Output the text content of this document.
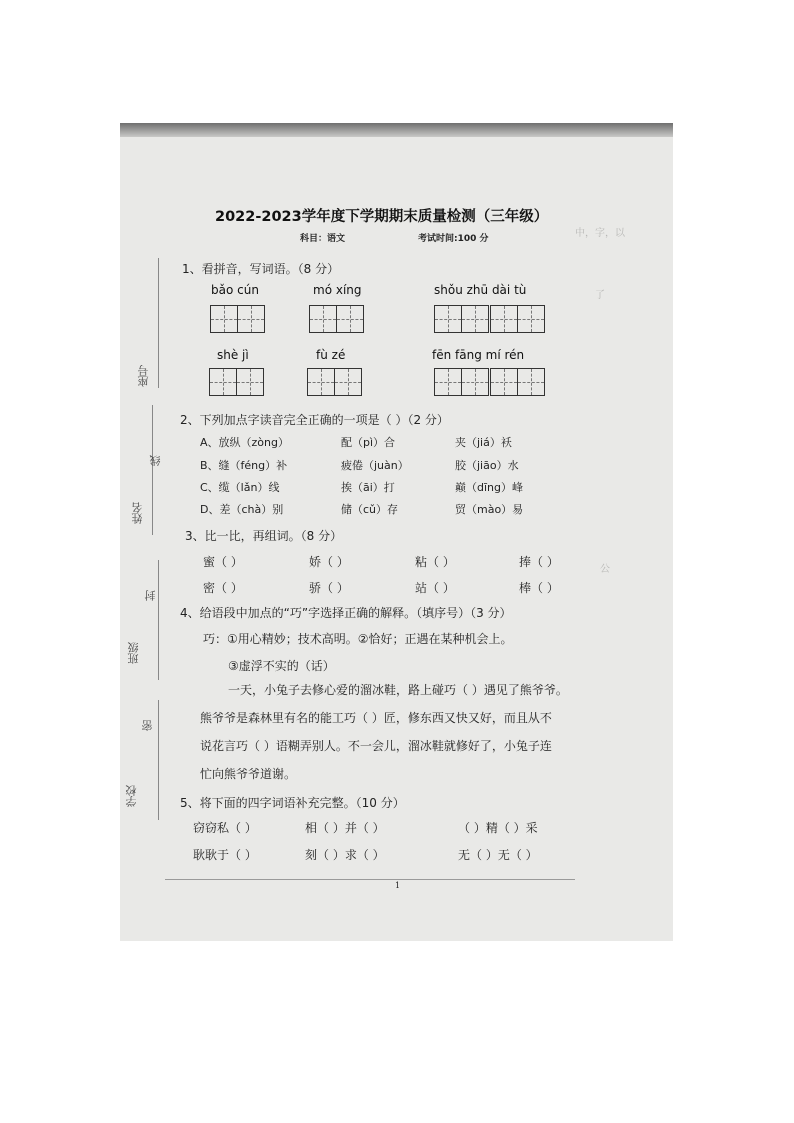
座号
线
姓名
封
班级
密
学校
中，字，以
了
公
2022-2023学年度下学期期末质量检测（三年级）
科目：语文	考试时间:100 分
1、看拼音，写词语。（8 分）
bǎo cún	mó xíng	shǒu zhū dài tù
shè jì	fù zé	fēn fāng mí rén
2、下列加点字读音完全正确的一项是（ ）（2 分）
A、放纵（zòng）	配（pì）合	夹（jiá）袄
B、缝（féng）补	疲倦（juàn）	胶（jiāo）水
C、缆（lǎn）线	挨（āi）打	巅（dīng）峰
D、差（chà）别	储（cǔ）存	贸（mào）易
3、比一比，再组词。（8 分）
蜜（ ）	娇（ ）	粘（ ）	捧（ ）
密（ ）	骄（ ）	站（ ）	棒（ ）
4、给语段中加点的“巧”字选择正确的解释。（填序号）（3 分）
巧：①用心精妙；技术高明。②恰好；正遇在某种机会上。
③虚浮不实的（话）
一天，小兔子去修心爱的溜冰鞋，路上碰巧（ ）遇见了熊爷爷。
熊爷爷是森林里有名的能工巧（ ）匠，修东西又快又好，而且从不
说花言巧（ ）语糊弄别人。不一会儿，溜冰鞋就修好了，小兔子连
忙向熊爷爷道谢。
5、将下面的四字词语补充完整。（10 分）
窃窃私（ ）	相（ ）并（ ）	（ ）精（ ）采
耿耿于（ ）	刻（ ）求（ ）	无（ ）无（ ）
1
